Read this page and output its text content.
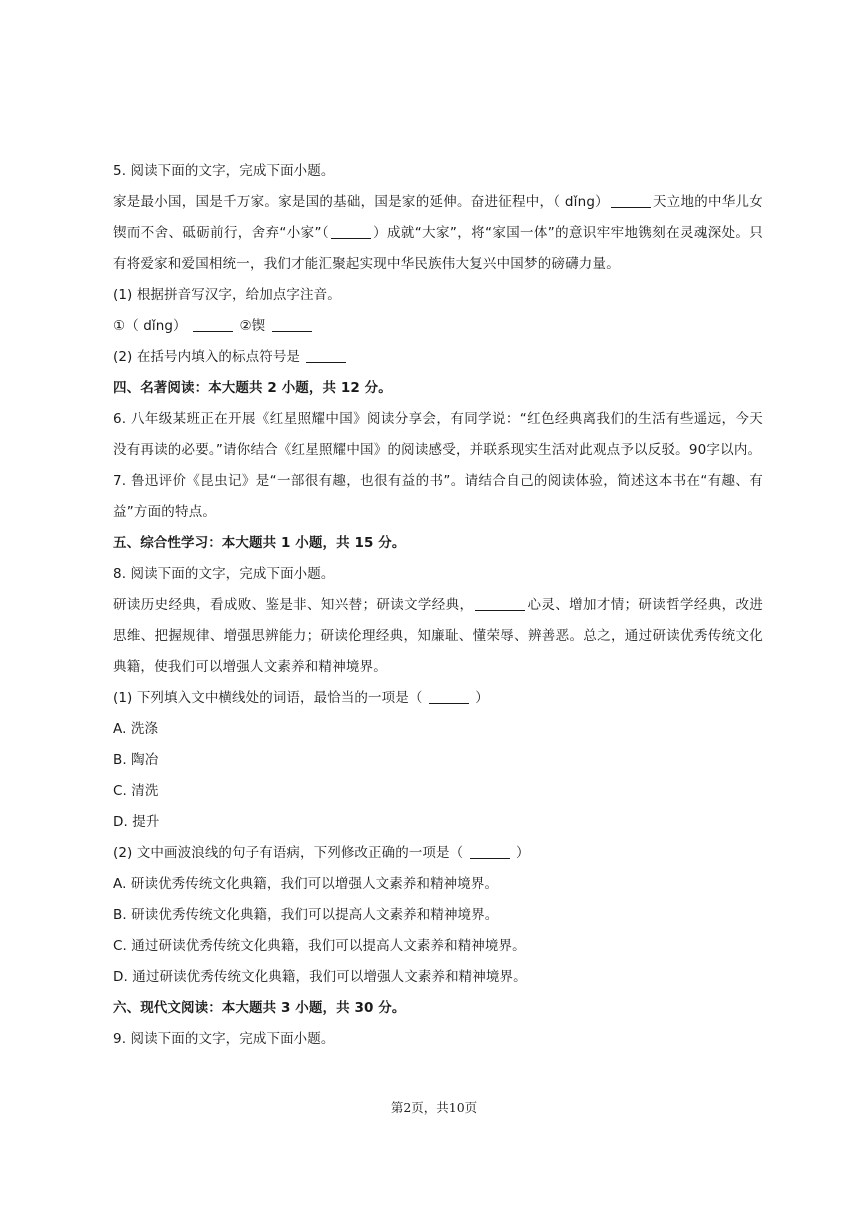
5. 阅读下面的文字，完成下面小题。

家是最小国，国是千万家。家是国的基础，国是家的延伸。奋进征程中，（ dǐng）	天立地的中华儿女锲而不舍、砥砺前行，舍弃“小家”（	）成就“大家”，将“家国一体”的意识牢牢地镌刻在灵魂深处。只有将爱家和爱国相统一，我们才能汇聚起实现中华民族伟大复兴中国梦的磅礴力量。

(1) 根据拼音写汉字，给加点字注音。
①（ dǐng）	②锲
(2) 在括号内填入的标点符号是
四、名著阅读：本大题共 2 小题，共 12 分。

6. 八年级某班正在开展《红星照耀中国》阅读分享会，有同学说：“红色经典离我们的生活有些遥远，今天没有再读的必要。”请你结合《红星照耀中国》的阅读感受，并联系现实生活对此观点予以反驳。90字以内。

7. 鲁迅评价《昆虫记》是“一部很有趣，也很有益的书”。请结合自己的阅读体验，简述这本书在“有趣、有益”方面的特点。

五、综合性学习：本大题共 1 小题，共 15 分。
8. 阅读下面的文字，完成下面小题。

研读历史经典，看成败、鉴是非、知兴替；研读文学经典，	心灵、增加才情；研读哲学经典，改进思维、把握规律、增强思辨能力；研读伦理经典，知廉耻、懂荣辱、辨善恶。总之，通过研读优秀传统文化典籍，使我们可以增强人文素养和精神境界。

(1) 下列填入文中横线处的词语，最恰当的一项是（	）
A. 洗涤
B. 陶冶
C. 清洗
D. 提升
(2) 文中画波浪线的句子有语病，下列修改正确的一项是（	）
A. 研读优秀传统文化典籍，我们可以增强人文素养和精神境界。
B. 研读优秀传统文化典籍，我们可以提高人文素养和精神境界。
C. 通过研读优秀传统文化典籍，我们可以提高人文素养和精神境界。
D. 通过研读优秀传统文化典籍，我们可以增强人文素养和精神境界。
六、现代文阅读：本大题共 3 小题，共 30 分。
9. 阅读下面的文字，完成下面小题。
第2页，共10页
